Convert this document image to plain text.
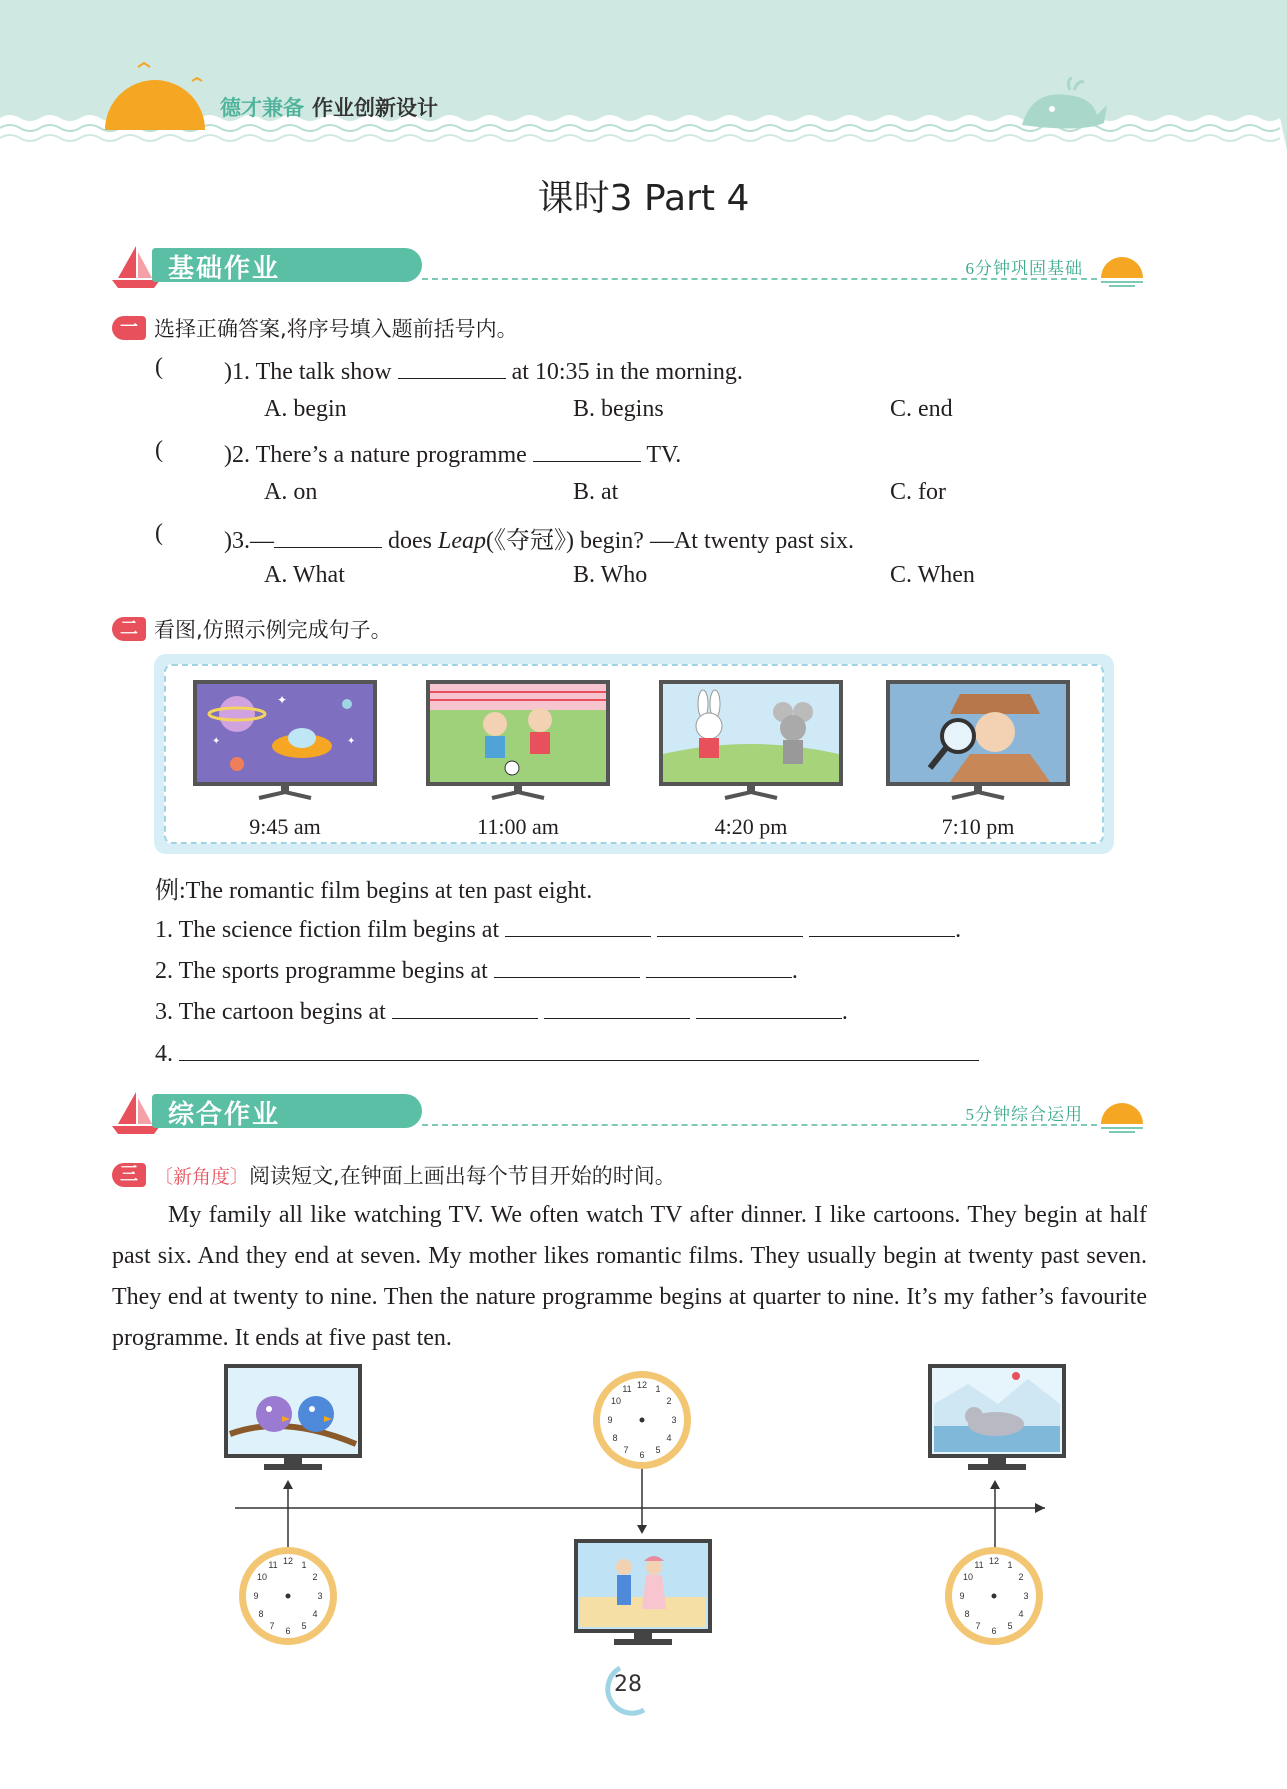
德才兼备 作业创新设计
课时3 Part 4
基础作业	6分钟巩固基础
一 选择正确答案,将序号填入题前括号内。
(	)1. The talk show	at 10:35 in the morning.
A. begin	B. begins	C. end
(	)2. There’s a nature programme	TV.
A. on	B. at	C. for
(	)3.—	does Leap(《夺冠》) begin? —At twenty past six.
A. What	B. Who	C. When
二 看图,仿照示例完成句子。
✦
✦
✦
9:45 am	11:00 am	4:20 pm	7:10 pm
例:The romantic film begins at ten past eight.
1. The science fiction film begins at	.
2. The sports programme begins at	.
3. The cartoon begins at	.
4.
综合作业	5分钟综合运用
三 〔新角度〕 阅读短文,在钟面上画出每个节目开始的时间。
My family all like watching TV. We often watch TV after dinner. I like cartoons. They begin at half past six. And they end at seven. My mother likes romantic films. They usually begin at twenty past seven. They end at twenty to nine. Then the nature programme begins at quarter to nine. It’s my father’s favourite programme. It ends at five past ten.
12 1
2
3
4
5
6
7
8
9
10
11
12 1
2
3
4
5
6
7
8
9
10
11	12 1
2
3
4
5
6
7
8
9
10
11
28
